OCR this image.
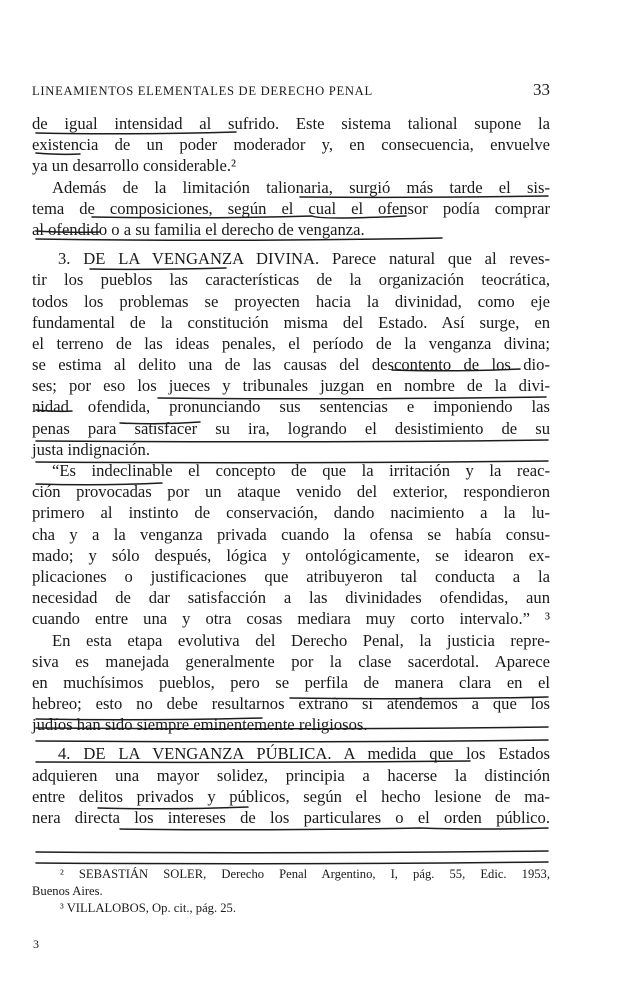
LINEAMIENTOS ELEMENTALES DE DERECHO PENAL	33
de igual intensidad al sufrido. Este sistema talional supone la
existencia de un poder moderador y, en consecuencia, envuelve
ya un desarrollo considerable.²
Además de la limitación talionaria, surgió más tarde el sis-
tema de composiciones, según el cual el ofensor podía comprar
al ofendido o a su familia el derecho de venganza.
3. DE LA VENGANZA DIVINA. Parece natural que al reves-
tir los pueblos las características de la organización teocrática,
todos los problemas se proyecten hacia la divinidad, como eje
fundamental de la constitución misma del Estado. Así surge, en
el terreno de las ideas penales, el período de la venganza divina;
se estima al delito una de las causas del descontento de los dio-
ses; por eso los jueces y tribunales juzgan en nombre de la divi-
nidad ofendida, pronunciando sus sentencias e imponiendo las
penas para satisfacer su ira, logrando el desistimiento de su
justa indignación.
“Es indeclinable el concepto de que la irritación y la reac-
ción provocadas por un ataque venido del exterior, respondieron
primero al instinto de conservación, dando nacimiento a la lu-
cha y a la venganza privada cuando la ofensa se había consu-
mado; y sólo después, lógica y ontológicamente, se idearon ex-
plicaciones o justificaciones que atribuyeron tal conducta a la
necesidad de dar satisfacción a las divinidades ofendidas, aun
cuando entre una y otra cosas mediara muy corto intervalo.” ³
En esta etapa evolutiva del Derecho Penal, la justicia repre-
siva es manejada generalmente por la clase sacerdotal. Aparece
en muchísimos pueblos, pero se perfila de manera clara en el
hebreo; esto no debe resultarnos extraño si atendemos a que los
judíos han sido siempre eminentemente religiosos.
4. DE LA VENGANZA PÚBLICA. A medida que los Estados
adquieren una mayor solidez, principia a hacerse la distinción
entre delitos privados y públicos, según el hecho lesione de ma-
nera directa los intereses de los particulares o el orden público.
² SEBASTIÁN SOLER, Derecho Penal Argentino, I, pág. 55, Edic. 1953,
Buenos Aires.
³ VILLALOBOS, Op. cit., pág. 25.
3
